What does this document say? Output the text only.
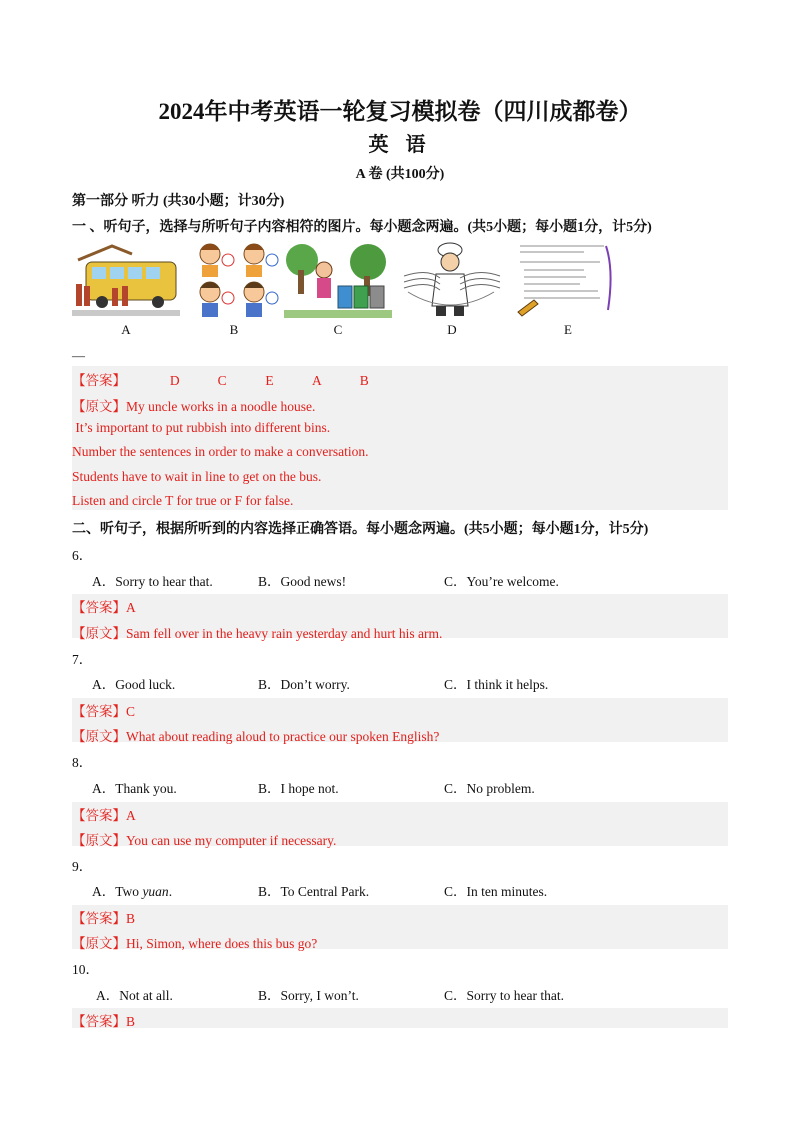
2024年中考英语一轮复习模拟卷（四川成都卷）
英 语
A 卷 (共100分)
第一部分 听力 (共30小题；计30分)
一 、听句子，选择与所听句子内容相符的图片。每小题念两遍。(共5小题；每小题1分，计5分)
A	B	C	D	E
—
【答案】	D	C	E	A	B
【原文】My uncle works in a noodle house.
It’s important to put rubbish into different bins.
Number the sentences in order to make a conversation.
Students have to wait in line to get on the bus.
Listen and circle T for true or F for false.
二、听句子，根据所听到的内容选择正确答语。每小题念两遍。(共5小题；每小题1分，计5分)
6．
A．Sorry to hear that.	B．Good news!	C．You’re welcome.
【答案】A
【原文】Sam fell over in the heavy rain yesterday and hurt his arm.
7．
A．Good luck.	B．Don’t worry.	C．I think it helps.
【答案】C
【原文】What about reading aloud to practice our spoken English?
8．
A．Thank you.	B．I hope not.	C．No problem.
【答案】A
【原文】You can use my computer if necessary.
9．
A．Two yuan.	B．To Central Park.	C．In ten minutes.
【答案】B
【原文】Hi, Simon, where does this bus go?
10．
A．Not at all.	B．Sorry, I won’t.	C．Sorry to hear that.
【答案】B
